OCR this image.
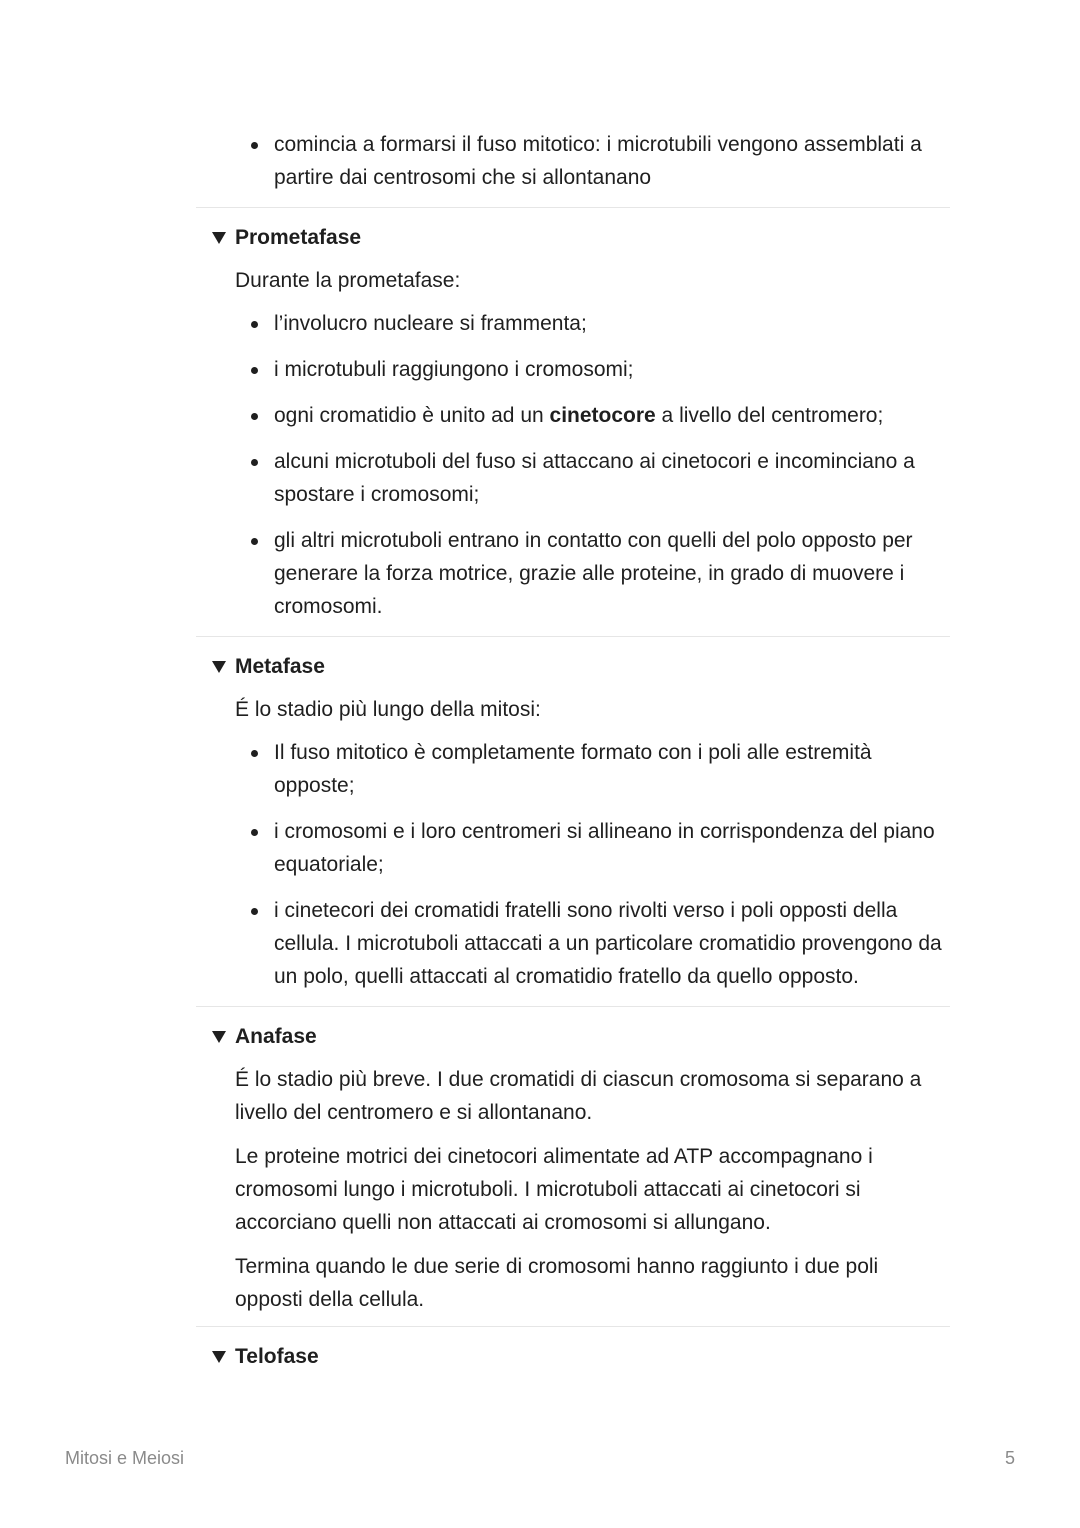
comincia a formarsi il fuso mitotico: i microtubili vengono assemblati a partire dai centrosomi che si allontanano
Prometafase
Durante la prometafase:
l’involucro nucleare si frammenta;
i microtubuli raggiungono i cromosomi;
ogni cromatidio è unito ad un cinetocore a livello del centromero;
alcuni microtuboli del fuso si attaccano ai cinetocori e incominciano a spostare i cromosomi;
gli altri microtuboli entrano in contatto con quelli del polo opposto per generare la forza motrice, grazie alle proteine, in grado di muovere i cromosomi.
Metafase
É lo stadio più lungo della mitosi:
Il fuso mitotico è completamente formato con i poli alle estremità opposte;
i cromosomi e i loro centromeri si allineano in corrispondenza del piano equatoriale;
i cinetecori dei cromatidi fratelli sono rivolti verso i poli opposti della cellula. I microtuboli attaccati a un particolare cromatidio provengono da un polo, quelli attaccati al cromatidio fratello da quello opposto.
Anafase
É lo stadio più breve. I due cromatidi di ciascun cromosoma si separano a livello del centromero e si allontanano.
Le proteine motrici dei cinetocori alimentate ad ATP accompagnano i cromosomi lungo i microtuboli. I microtuboli attaccati ai cinetocori si accorciano quelli non attaccati ai cromosomi si allungano.
Termina quando le due serie di cromosomi hanno raggiunto i due poli opposti della cellula.
Telofase
Mitosi e Meiosi	5
